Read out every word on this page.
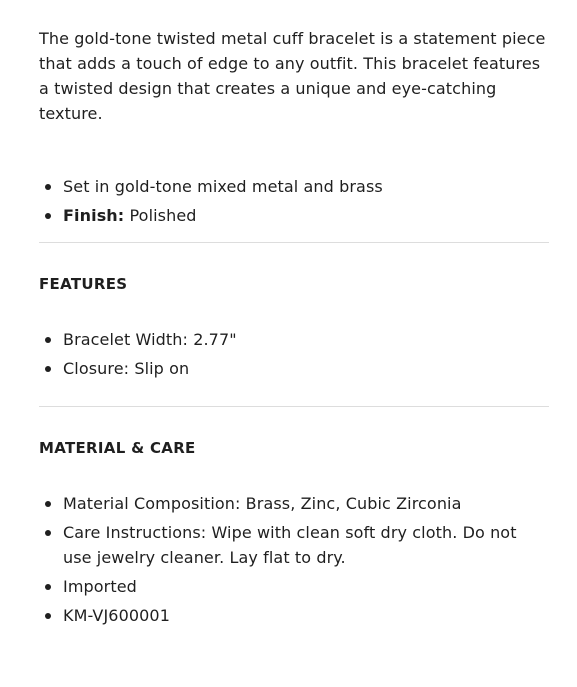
The gold-tone twisted metal cuff bracelet is a statement piece that adds a touch of edge to any outfit. This bracelet features a twisted design that creates a unique and eye-catching texture.

Set in gold-tone mixed metal and brass
Finish: Polished
FEATURES
Bracelet Width: 2.77"
Closure: Slip on
MATERIAL & CARE
Material Composition: Brass, Zinc, Cubic Zirconia
Care Instructions: Wipe with clean soft dry cloth. Do not use jewelry cleaner. Lay flat to dry.
Imported
KM-VJ600001
